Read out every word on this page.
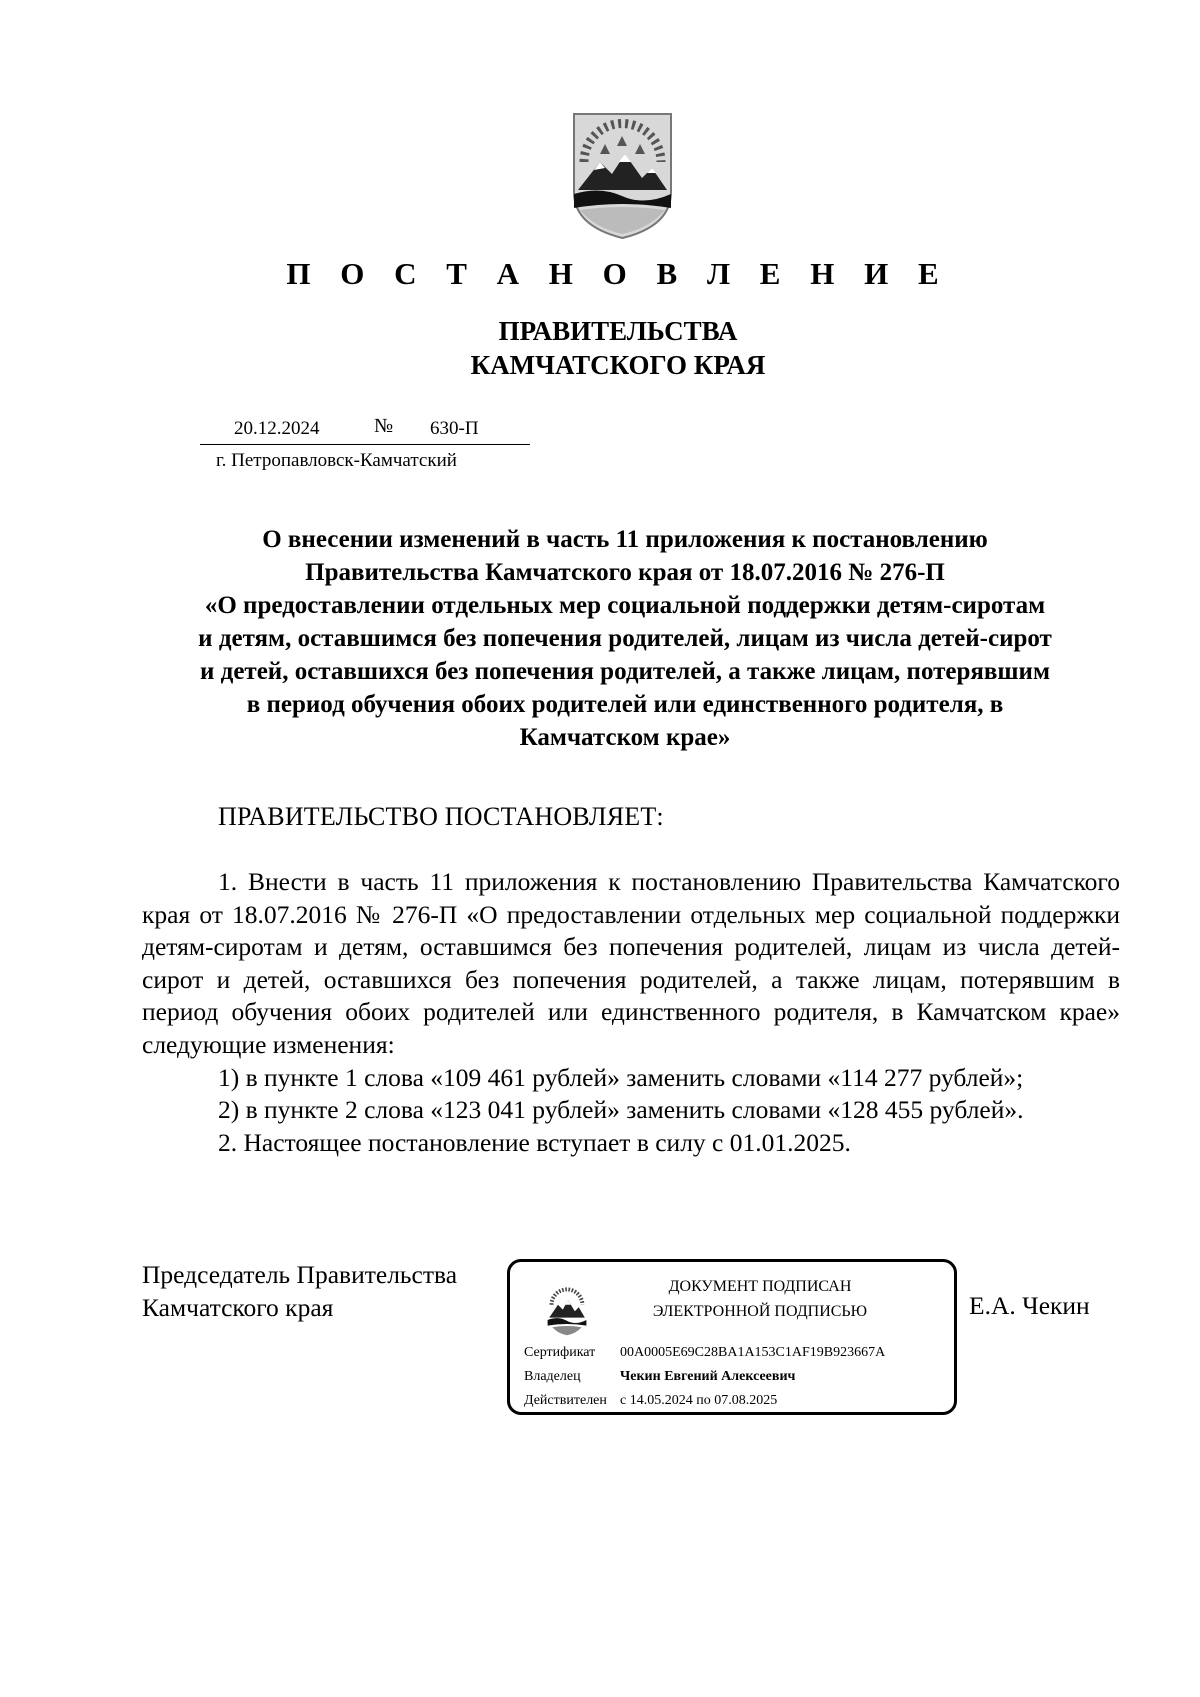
П О С Т А Н О В Л Е Н И Е
ПРАВИТЕЛЬСТВА
КАМЧАТСКОГО КРАЯ
20.12.2024	№ 630-П
г. Петропавловск-Камчатский
О внесении изменений в часть 11 приложения к постановлению
Правительства Камчатского края от 18.07.2016 № 276-П
«О предоставлении отдельных мер социальной поддержки детям-сиротам
и детям, оставшимся без попечения родителей, лицам из числа детей-сирот
и детей, оставшихся без попечения родителей, а также лицам, потерявшим
в период обучения обоих родителей или единственного родителя, в
Камчатском крае»
ПРАВИТЕЛЬСТВО ПОСТАНОВЛЯЕТ:

1. Внести в часть 11 приложения к постановлению Правительства Камчатского края от 18.07.2016 № 276-П «О предоставлении отдельных мер социальной поддержки детям-сиротам и детям, оставшимся без попечения родителей, лицам из числа детей-сирот и детей, оставшихся без попечения родителей, а также лицам, потерявшим в период обучения обоих родителей или единственного родителя, в Камчатском крае» следующие изменения:

1) в пункте 1 слова «109 461 рублей» заменить словами «114 277 рублей»;

2) в пункте 2 слова «123 041 рублей» заменить словами «128 455 рублей».

2. Настоящее постановление вступает в силу с 01.01.2025.

Председатель Правительства
Камчатского края
ДОКУМЕНТ ПОДПИСАН
ЭЛЕКТРОННОЙ ПОДПИСЬЮ
Сертификат 00A0005E69C28BA1A153C1AF19B923667A
Владелец	Чекин Евгений Алексеевич
Действителен с 14.05.2024 по 07.08.2025
Е.А. Чекин
